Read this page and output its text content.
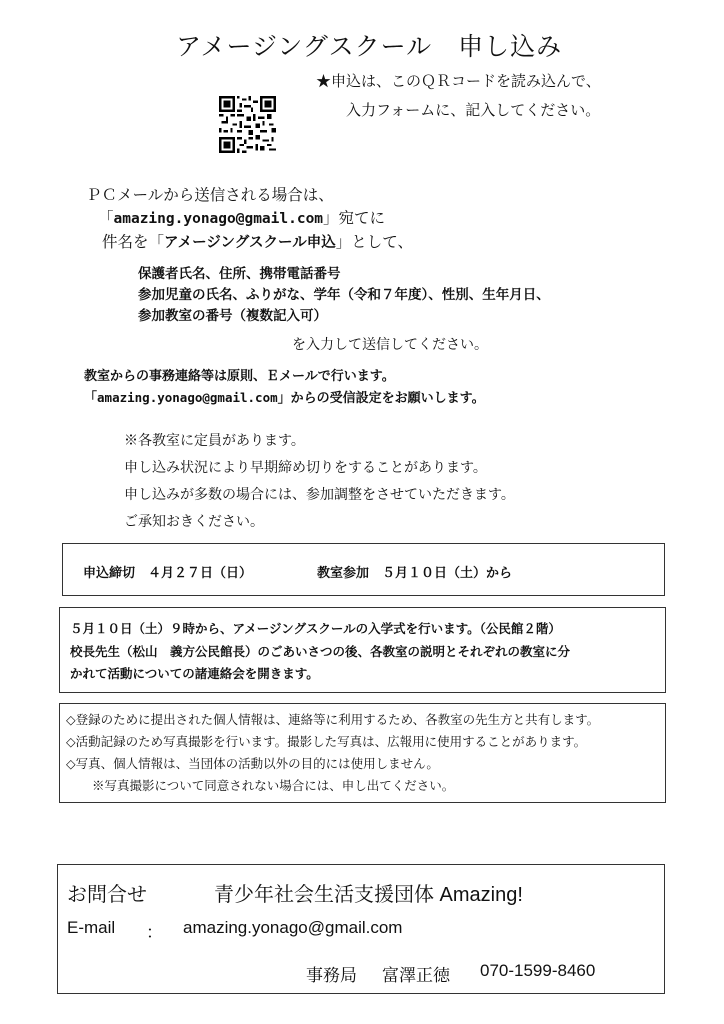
アメージングスクール　申し込み
★申込は、このＱＲコードを読み込んで、
入力フォームに、記入してください。
ＰＣメールから送信される場合は、
「amazing.yonago@gmail.com」宛てに
件名を「アメージングスクール申込」として、
保護者氏名、住所、携帯電話番号
参加児童の氏名、ふりがな、学年（令和７年度）、性別、生年月日、
参加教室の番号（複数記入可）
を入力して送信してください。
教室からの事務連絡等は原則、Ｅメールで行います。
「amazing.yonago@gmail.com」からの受信設定をお願いします。
※各教室に定員があります。
申し込み状況により早期締め切りをすることがあります。
申し込みが多数の場合には、参加調整をさせていただきます。
ご承知おきください。
申込締切　４月２７日（日）	教室参加　５月１０日（土）から
５月１０日（土）９時から、アメージングスクールの入学式を行います。（公民館２階）
校長先生（松山　義方公民館長）のごあいさつの後、各教室の説明とそれぞれの教室に分
かれて活動についての諸連絡会を開きます。
◇登録のために提出された個人情報は、連絡等に利用するため、各教室の先生方と共有します。
◇活動記録のため写真撮影を行います。撮影した写真は、広報用に使用することがあります。
◇写真、個人情報は、当団体の活動以外の目的には使用しません。
※写真撮影について同意されない場合には、申し出てください。
お問合せ	青少年社会生活支援団体 Amazing!
E-mail ： amazing.yonago@gmail.com
事務局 富澤正徳 070-1599-8460
